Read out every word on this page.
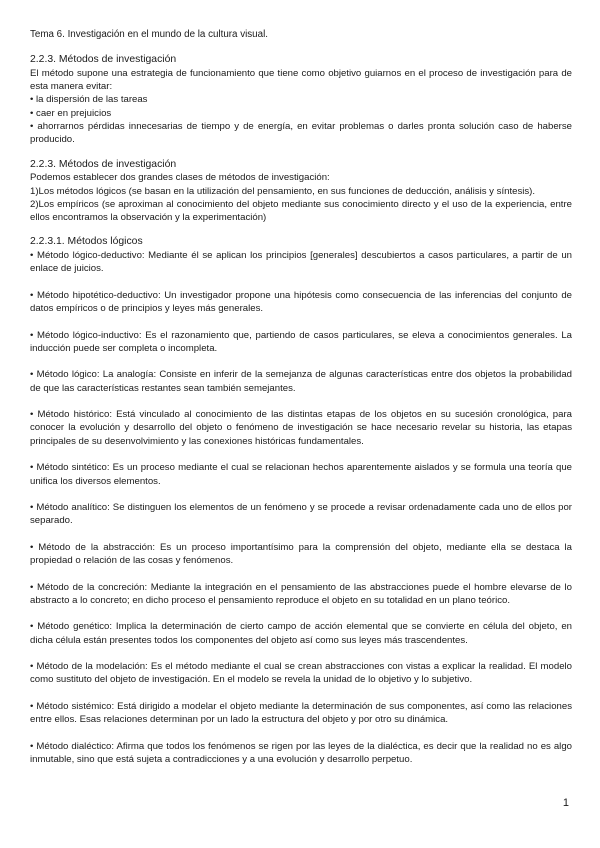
Tema 6. Investigación en el mundo de la cultura visual.
2.2.3. Métodos de investigación

El método supone una estrategia de funcionamiento que tiene como objetivo guiarnos en el proceso de investigación para de esta manera evitar:

• la dispersión de las tareas

• caer en prejuicios

• ahorrarnos pérdidas innecesarias de tiempo y de energía, en evitar problemas o darles pronta solución caso de haberse producido.

2.2.3. Métodos de investigación

Podemos establecer dos grandes clases de métodos de investigación:

1)Los métodos lógicos (se basan en la utilización del pensamiento, en sus funciones de deducción, análisis y síntesis).

2)Los empíricos (se aproximan al conocimiento del objeto mediante sus conocimiento directo y el uso de la experiencia, entre ellos encontramos la observación y la experimentación)

2.2.3.1. Métodos lógicos

• Método lógico-deductivo: Mediante él se aplican los principios [generales] descubiertos a casos particulares, a partir de un enlace de juicios.

• Método hipotético-deductivo: Un investigador propone una hipótesis como consecuencia de las inferencias del conjunto de datos empíricos o de principios y leyes más generales.

• Método lógico-inductivo: Es el razonamiento que, partiendo de casos particulares, se eleva a conocimientos generales. La inducción puede ser completa o incompleta.

• Método lógico: La analogía: Consiste en inferir de la semejanza de algunas características entre dos objetos la probabilidad de que las características restantes sean también semejantes.

• Método histórico: Está vinculado al conocimiento de las distintas etapas de los objetos en su sucesión cronológica, para conocer la evolución y desarrollo del objeto o fenómeno de investigación se hace necesario revelar su historia, las etapas principales de su desenvolvimiento y las conexiones históricas fundamentales.

• Método sintético: Es un proceso mediante el cual se relacionan hechos aparentemente aislados y se formula una teoría que unifica los diversos elementos.

• Método analítico: Se distinguen los elementos de un fenómeno y se procede a revisar ordenadamente cada uno de ellos por separado.

• Método de la abstracción: Es un proceso importantísimo para la comprensión del objeto, mediante ella se destaca la propiedad o relación de las cosas y fenómenos.

• Método de la concreción: Mediante la integración en el pensamiento de las abstracciones puede el hombre elevarse de lo abstracto a lo concreto; en dicho proceso el pensamiento reproduce el objeto en su totalidad en un plano teórico.

• Método genético: Implica la determinación de cierto campo de acción elemental que se convierte en célula del objeto, en dicha célula están presentes todos los componentes del objeto así como sus leyes más trascendentes.

• Método de la modelación: Es el método mediante el cual se crean abstracciones con vistas a explicar la realidad. El modelo como sustituto del objeto de investigación. En el modelo se revela la unidad de lo objetivo y lo subjetivo.

• Método sistémico: Está dirigido a modelar el objeto mediante la determinación de sus componentes, así como las relaciones entre ellos. Esas relaciones determinan por un lado la estructura del objeto y por otro su dinámica.

• Método dialéctico: Afirma que todos los fenómenos se rigen por las leyes de la dialéctica, es decir que la realidad no es algo inmutable, sino que está sujeta a contradicciones y a una evolución y desarrollo perpetuo.

1
